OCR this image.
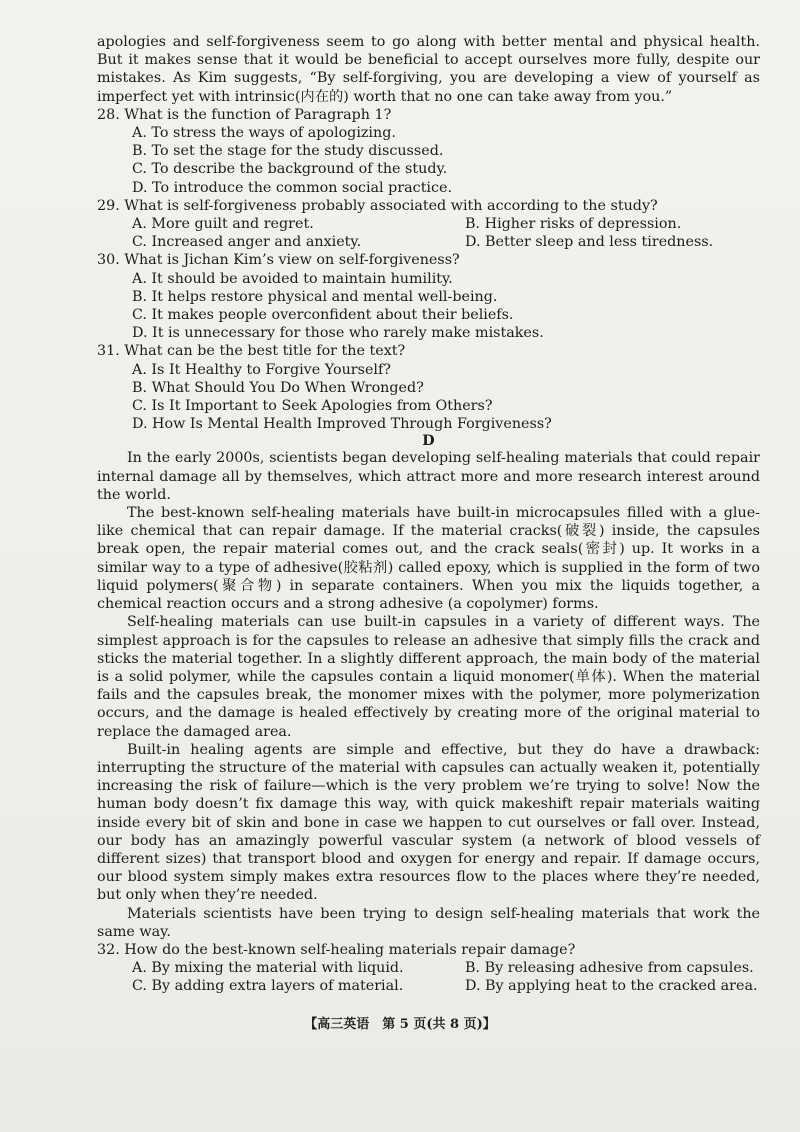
apologies and self-forgiveness seem to go along with better mental and physical health. But it makes sense that it would be beneficial to accept ourselves more fully, despite our mistakes. As Kim suggests, “By self-forgiving, you are developing a view of yourself as imperfect yet with intrinsic(内在的) worth that no one can take away from you.”

28. What is the function of Paragraph 1?

A. To stress the ways of apologizing.

B. To set the stage for the study discussed.

C. To describe the background of the study.

D. To introduce the common social practice.

29. What is self-forgiveness probably associated with according to the study?

A. More guilt and regret.	B. Higher risks of depression.
C. Increased anger and anxiety.	D. Better sleep and less tiredness.

30. What is Jichan Kim’s view on self-forgiveness?

A. It should be avoided to maintain humility.

B. It helps restore physical and mental well-being.

C. It makes people overconfident about their beliefs.

D. It is unnecessary for those who rarely make mistakes.

31. What can be the best title for the text?

A. Is It Healthy to Forgive Yourself?

B. What Should You Do When Wronged?

C. Is It Important to Seek Apologies from Others?

D. How Is Mental Health Improved Through Forgiveness?

D

In the early 2000s, scientists began developing self-healing materials that could repair internal damage all by themselves, which attract more and more research interest around the world.

The best-known self-healing materials have built-in microcapsules filled with a glue-like chemical that can repair damage. If the material cracks(破裂) inside, the capsules break open, the repair material comes out, and the crack seals(密封) up. It works in a similar way to a type of adhesive(胶粘剂) called epoxy, which is supplied in the form of two liquid polymers(聚合物) in separate containers. When you mix the liquids together, a chemical reaction occurs and a strong adhesive (a copolymer) forms.

Self-healing materials can use built-in capsules in a variety of different ways. The simplest approach is for the capsules to release an adhesive that simply fills the crack and sticks the material together. In a slightly different approach, the main body of the material is a solid polymer, while the capsules contain a liquid monomer(单体). When the material fails and the capsules break, the monomer mixes with the polymer, more polymerization occurs, and the damage is healed effectively by creating more of the original material to replace the damaged area.

Built-in healing agents are simple and effective, but they do have a drawback: interrupting the structure of the material with capsules can actually weaken it, potentially increasing the risk of failure—which is the very problem we’re trying to solve! Now the human body doesn’t fix damage this way, with quick makeshift repair materials waiting inside every bit of skin and bone in case we happen to cut ourselves or fall over. Instead, our body has an amazingly powerful vascular system (a network of blood vessels of different sizes) that transport blood and oxygen for energy and repair. If damage occurs, our blood system simply makes extra resources flow to the places where they’re needed, but only when they’re needed.

Materials scientists have been trying to design self-healing materials that work the same way.

32. How do the best-known self-healing materials repair damage?

A. By mixing the material with liquid.	B. By releasing adhesive from capsules.
C. By adding extra layers of material.	D. By applying heat to the cracked area.
【高三英语　第 5 页(共 8 页)】
